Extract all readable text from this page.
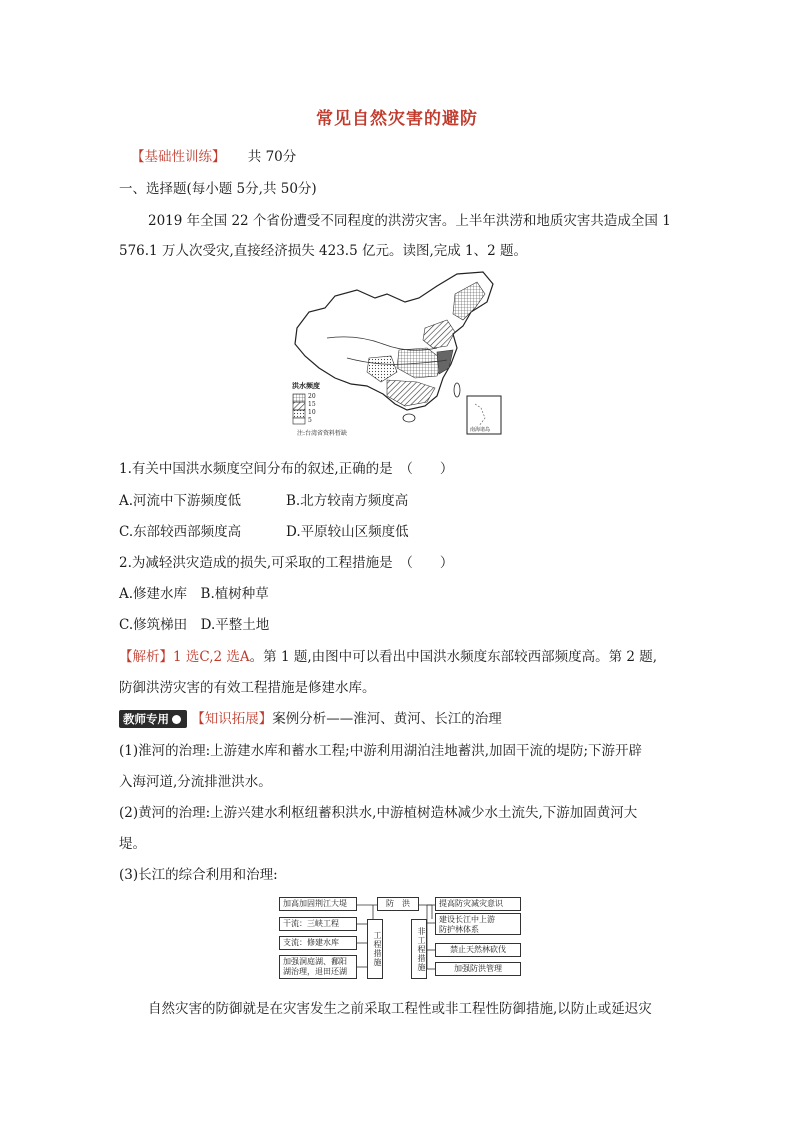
常见自然灾害的避防
【基础性训练】 共 70分
一、选择题(每小题 5分,共 50分)
2019 年全国 22 个省份遭受不同程度的洪涝灾害。上半年洪涝和地质灾害共造成全国 1
576.1 万人次受灾,直接经济损失 423.5 亿元。读图,完成 1、2 题。
洪水频度
20
15
10
5
注:台湾省资料暂缺	南海诸岛
1.有关中国洪水频度空间分布的叙述,正确的是　（　　）
A.河流中下游频度低	B.北方较南方频度高
C.东部较西部频度高	D.平原较山区频度低
2.为减轻洪灾造成的损失,可采取的工程措施是　（　　）
A.修建水库　B.植树种草
C.修筑梯田　D.平整土地
【解析】1 选C,2 选A。第 1 题,由图中可以看出中国洪水频度东部较西部频度高。第 2 题,
防御洪涝灾害的有效工程措施是修建水库。
教师专用 【知识拓展】案例分析——淮河、黄河、长江的治理
(1)淮河的治理:上游建水库和蓄水工程;中游利用湖泊洼地蓄洪,加固干流的堤防;下游开辟
入海河道,分流排泄洪水。
(2)黄河的治理:上游兴建水利枢纽蓄积洪水,中游植树造林减少水土流失,下游加固黄河大
堤。
(3)长江的综合利用和治理:
加高加固荆江大堤
干流：三峡工程
支流：修建水库
加强洞庭湖、鄱阳
湖治理，退田还湖
防　洪
工程措施	非工程措施
提高防灾减灾意识
建设长江中上游
防护林体系
禁止天然林砍伐
加强防洪管理
自然灾害的防御就是在灾害发生之前采取工程性或非工程性防御措施,以防止或延迟灾
